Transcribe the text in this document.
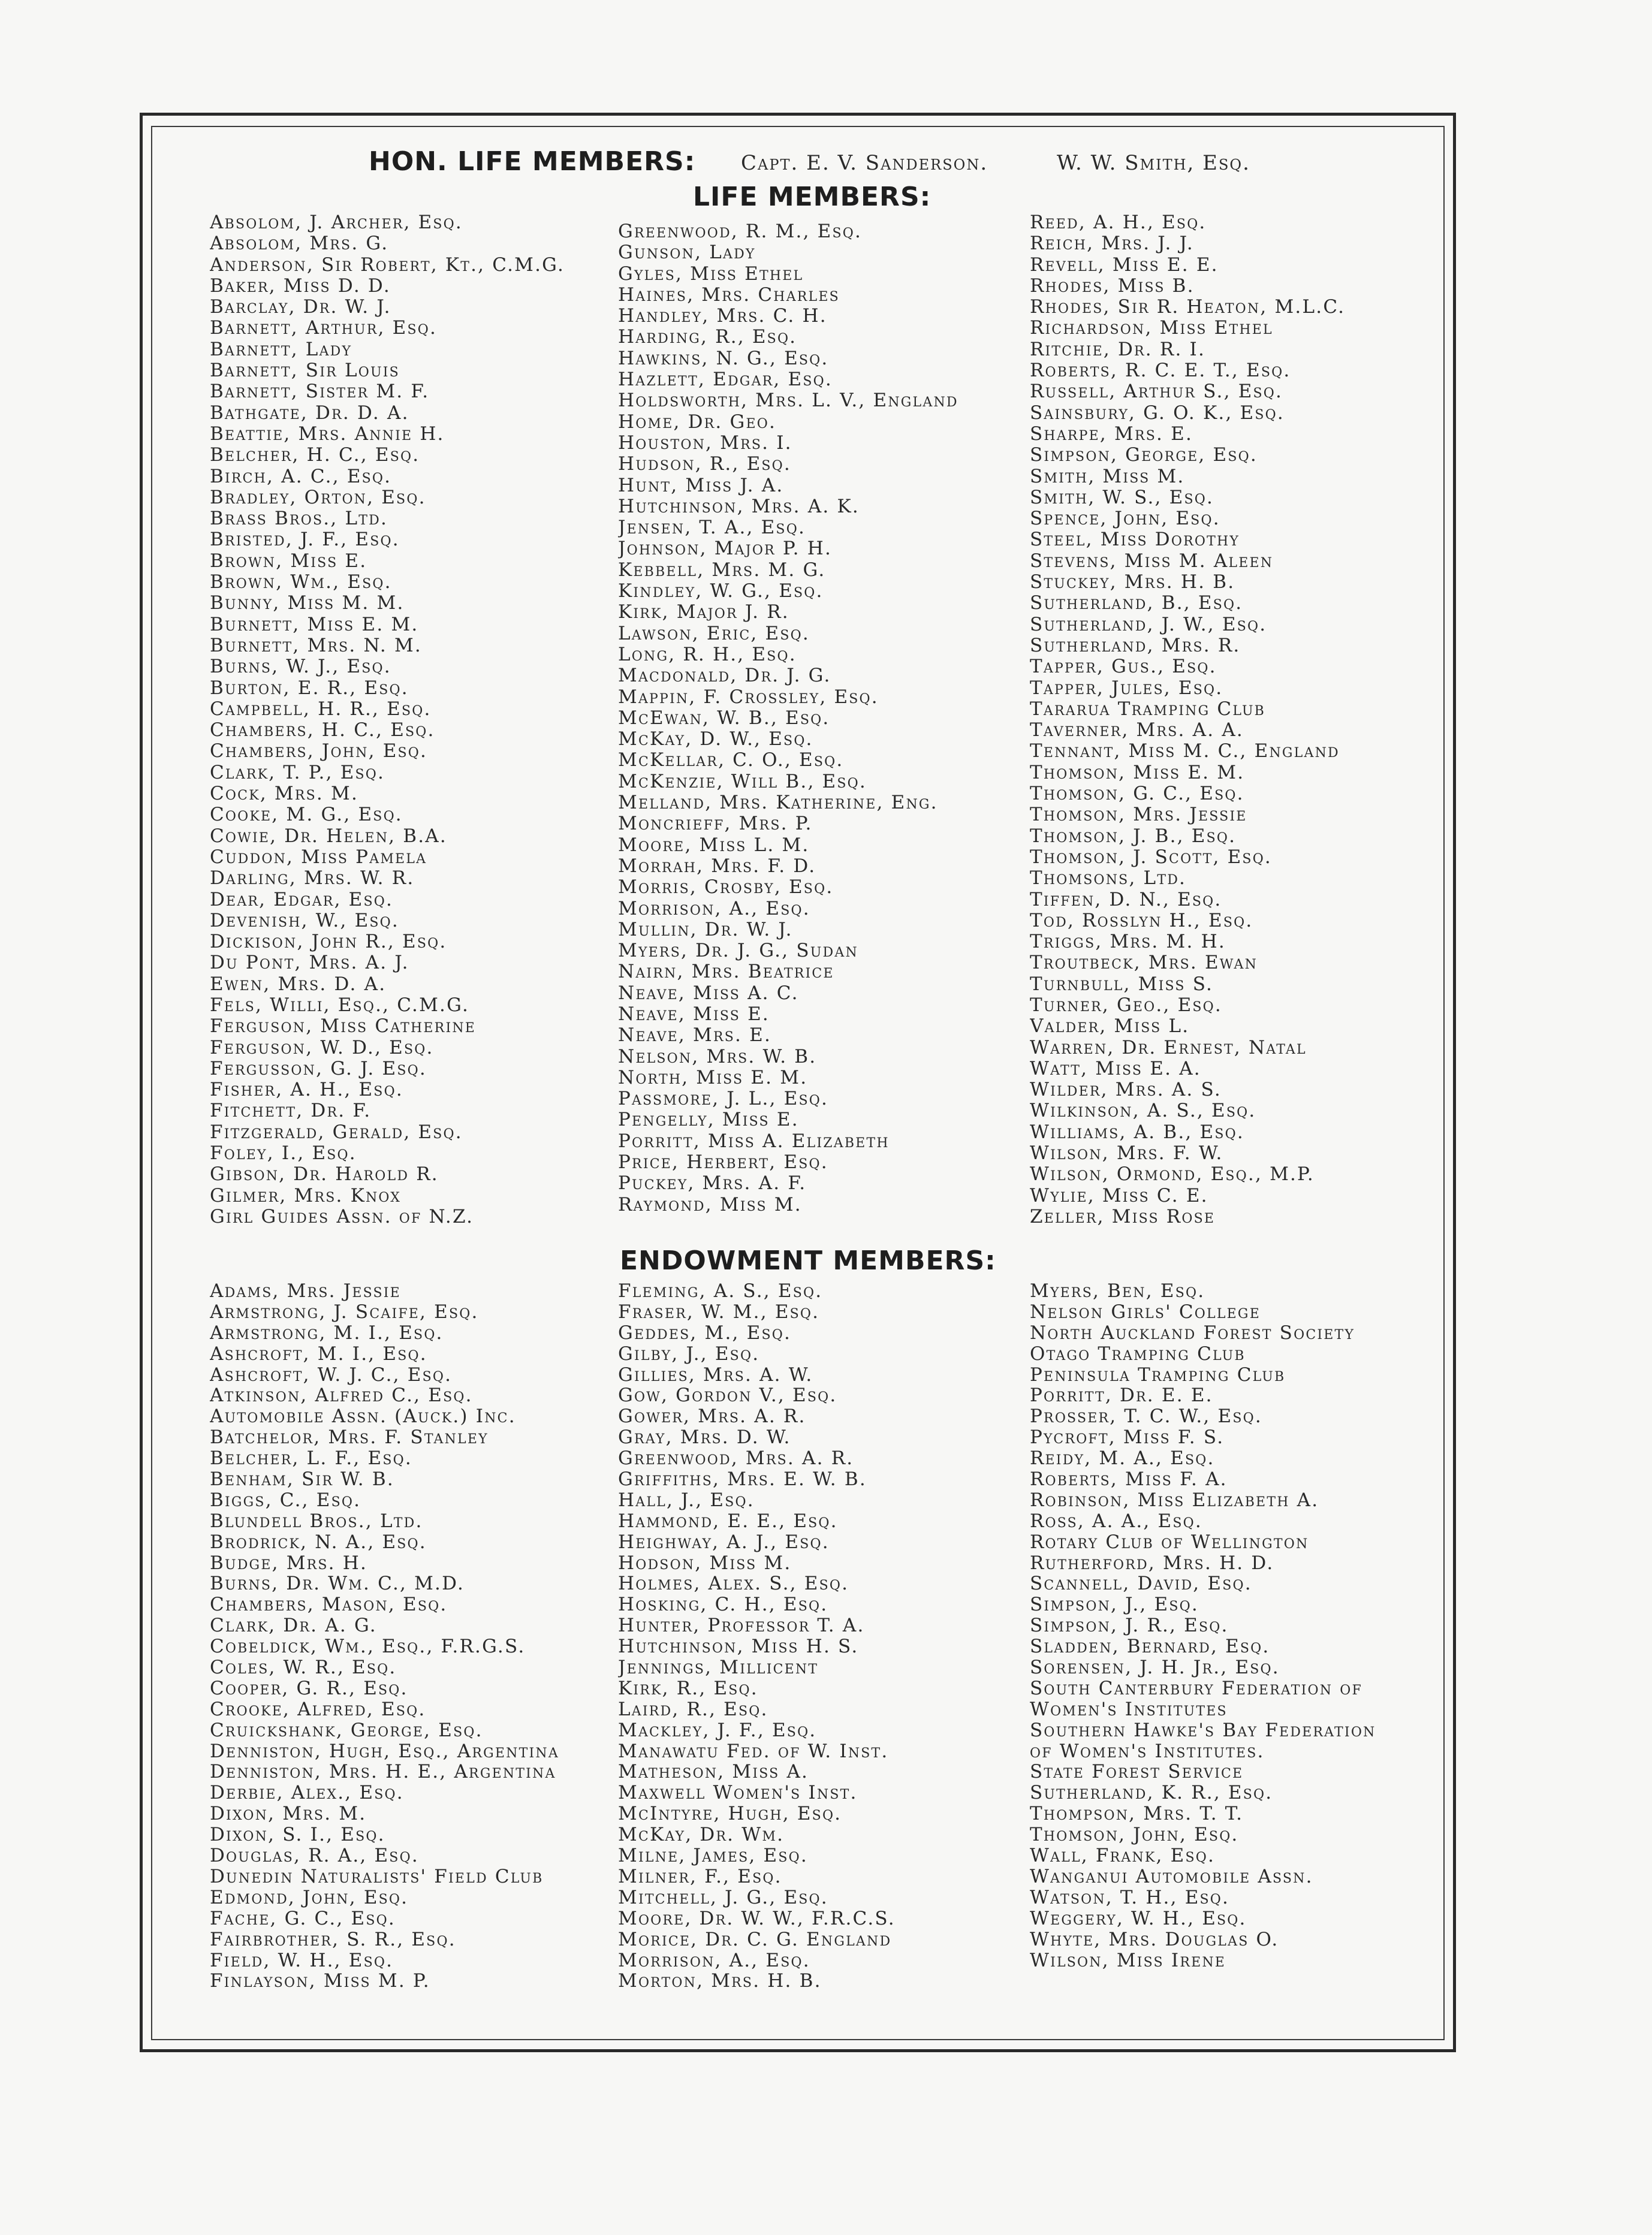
HON. LIFE MEMBERS: Capt. E. V. Sanderson.	W. W. Smith, Esq.
LIFE MEMBERS:
Absolom, J. Archer, Esq.
Absolom, Mrs. G.
Anderson, Sir Robert, Kt., C.M.G.
Baker, Miss D. D.
Barclay, Dr. W. J.
Barnett, Arthur, Esq.
Barnett, Lady
Barnett, Sir Louis
Barnett, Sister M. F.
Bathgate, Dr. D. A.
Beattie, Mrs. Annie H.
Belcher, H. C., Esq.
Birch, A. C., Esq.
Bradley, Orton, Esq.
Brass Bros., Ltd.
Bristed, J. F., Esq.
Brown, Miss E.
Brown, Wm., Esq.
Bunny, Miss M. M.
Burnett, Miss E. M.
Burnett, Mrs. N. M.
Burns, W. J., Esq.
Burton, E. R., Esq.
Campbell, H. R., Esq.
Chambers, H. C., Esq.
Chambers, John, Esq.
Clark, T. P., Esq.
Cock, Mrs. M.
Cooke, M. G., Esq.
Cowie, Dr. Helen, B.A.
Cuddon, Miss Pamela
Darling, Mrs. W. R.
Dear, Edgar, Esq.
Devenish, W., Esq.
Dickison, John R., Esq.
Du Pont, Mrs. A. J.
Ewen, Mrs. D. A.
Fels, Willi, Esq., C.M.G.
Ferguson, Miss Catherine
Ferguson, W. D., Esq.
Fergusson, G. J. Esq.
Fisher, A. H., Esq.
Fitchett, Dr. F.
Fitzgerald, Gerald, Esq.
Foley, I., Esq.
Gibson, Dr. Harold R.
Gilmer, Mrs. Knox
Girl Guides Assn. of N.Z.
Greenwood, R. M., Esq.
Gunson, Lady
Gyles, Miss Ethel
Haines, Mrs. Charles
Handley, Mrs. C. H.
Harding, R., Esq.
Hawkins, N. G., Esq.
Hazlett, Edgar, Esq.
Holdsworth, Mrs. L. V., England
Home, Dr. Geo.
Houston, Mrs. I.
Hudson, R., Esq.
Hunt, Miss J. A.
Hutchinson, Mrs. A. K.
Jensen, T. A., Esq.
Johnson, Major P. H.
Kebbell, Mrs. M. G.
Kindley, W. G., Esq.
Kirk, Major J. R.
Lawson, Eric, Esq.
Long, R. H., Esq.
Macdonald, Dr. J. G.
Mappin, F. Crossley, Esq.
McEwan, W. B., Esq.
McKay, D. W., Esq.
McKellar, C. O., Esq.
McKenzie, Will B., Esq.
Melland, Mrs. Katherine, Eng.
Moncrieff, Mrs. P.
Moore, Miss L. M.
Morrah, Mrs. F. D.
Morris, Crosby, Esq.
Morrison, A., Esq.
Mullin, Dr. W. J.
Myers, Dr. J. G., Sudan
Nairn, Mrs. Beatrice
Neave, Miss A. C.
Neave, Miss E.
Neave, Mrs. E.
Nelson, Mrs. W. B.
North, Miss E. M.
Passmore, J. L., Esq.
Pengelly, Miss E.
Porritt, Miss A. Elizabeth
Price, Herbert, Esq.
Puckey, Mrs. A. F.
Raymond, Miss M.
Reed, A. H., Esq.
Reich, Mrs. J. J.
Revell, Miss E. E.
Rhodes, Miss B.
Rhodes, Sir R. Heaton, M.L.C.
Richardson, Miss Ethel
Ritchie, Dr. R. I.
Roberts, R. C. E. T., Esq.
Russell, Arthur S., Esq.
Sainsbury, G. O. K., Esq.
Sharpe, Mrs. E.
Simpson, George, Esq.
Smith, Miss M.
Smith, W. S., Esq.
Spence, John, Esq.
Steel, Miss Dorothy
Stevens, Miss M. Aleen
Stuckey, Mrs. H. B.
Sutherland, B., Esq.
Sutherland, J. W., Esq.
Sutherland, Mrs. R.
Tapper, Gus., Esq.
Tapper, Jules, Esq.
Tararua Tramping Club
Taverner, Mrs. A. A.
Tennant, Miss M. C., England
Thomson, Miss E. M.
Thomson, G. C., Esq.
Thomson, Mrs. Jessie
Thomson, J. B., Esq.
Thomson, J. Scott, Esq.
Thomsons, Ltd.
Tiffen, D. N., Esq.
Tod, Rosslyn H., Esq.
Triggs, Mrs. M. H.
Troutbeck, Mrs. Ewan
Turnbull, Miss S.
Turner, Geo., Esq.
Valder, Miss L.
Warren, Dr. Ernest, Natal
Watt, Miss E. A.
Wilder, Mrs. A. S.
Wilkinson, A. S., Esq.
Williams, A. B., Esq.
Wilson, Mrs. F. W.
Wilson, Ormond, Esq., M.P.
Wylie, Miss C. E.
Zeller, Miss Rose
ENDOWMENT MEMBERS:
Adams, Mrs. Jessie
Armstrong, J. Scaife, Esq.
Armstrong, M. I., Esq.
Ashcroft, M. I., Esq.
Ashcroft, W. J. C., Esq.
Atkinson, Alfred C., Esq.
Automobile Assn. (Auck.) Inc.
Batchelor, Mrs. F. Stanley
Belcher, L. F., Esq.
Benham, Sir W. B.
Biggs, C., Esq.
Blundell Bros., Ltd.
Brodrick, N. A., Esq.
Budge, Mrs. H.
Burns, Dr. Wm. C., M.D.
Chambers, Mason, Esq.
Clark, Dr. A. G.
Cobeldick, Wm., Esq., F.R.G.S.
Coles, W. R., Esq.
Cooper, G. R., Esq.
Crooke, Alfred, Esq.
Cruickshank, George, Esq.
Denniston, Hugh, Esq., Argentina
Denniston, Mrs. H. E., Argentina
Derbie, Alex., Esq.
Dixon, Mrs. M.
Dixon, S. I., Esq.
Douglas, R. A., Esq.
Dunedin Naturalists' Field Club
Edmond, John, Esq.
Fache, G. C., Esq.
Fairbrother, S. R., Esq.
Field, W. H., Esq.
Finlayson, Miss M. P.
Fleming, A. S., Esq.
Fraser, W. M., Esq.
Geddes, M., Esq.
Gilby, J., Esq.
Gillies, Mrs. A. W.
Gow, Gordon V., Esq.
Gower, Mrs. A. R.
Gray, Mrs. D. W.
Greenwood, Mrs. A. R.
Griffiths, Mrs. E. W. B.
Hall, J., Esq.
Hammond, E. E., Esq.
Heighway, A. J., Esq.
Hodson, Miss M.
Holmes, Alex. S., Esq.
Hosking, C. H., Esq.
Hunter, Professor T. A.
Hutchinson, Miss H. S.
Jennings, Millicent
Kirk, R., Esq.
Laird, R., Esq.
Mackley, J. F., Esq.
Manawatu Fed. of W. Inst.
Matheson, Miss A.
Maxwell Women's Inst.
McIntyre, Hugh, Esq.
McKay, Dr. Wm.
Milne, James, Esq.
Milner, F., Esq.
Mitchell, J. G., Esq.
Moore, Dr. W. W., F.R.C.S.
Morice, Dr. C. G. England
Morrison, A., Esq.
Morton, Mrs. H. B.
Myers, Ben, Esq.
Nelson Girls' College
North Auckland Forest Society
Otago Tramping Club
Peninsula Tramping Club
Porritt, Dr. E. E.
Prosser, T. C. W., Esq.
Pycroft, Miss F. S.
Reidy, M. A., Esq.
Roberts, Miss F. A.
Robinson, Miss Elizabeth A.
Ross, A. A., Esq.
Rotary Club of Wellington
Rutherford, Mrs. H. D.
Scannell, David, Esq.
Simpson, J., Esq.
Simpson, J. R., Esq.
Sladden, Bernard, Esq.
Sorensen, J. H. Jr., Esq.
South Canterbury Federation of
Women's Institutes
Southern Hawke's Bay Federation
of Women's Institutes.
State Forest Service
Sutherland, K. R., Esq.
Thompson, Mrs. T. T.
Thomson, John, Esq.
Wall, Frank, Esq.
Wanganui Automobile Assn.
Watson, T. H., Esq.
Weggery, W. H., Esq.
Whyte, Mrs. Douglas O.
Wilson, Miss Irene
